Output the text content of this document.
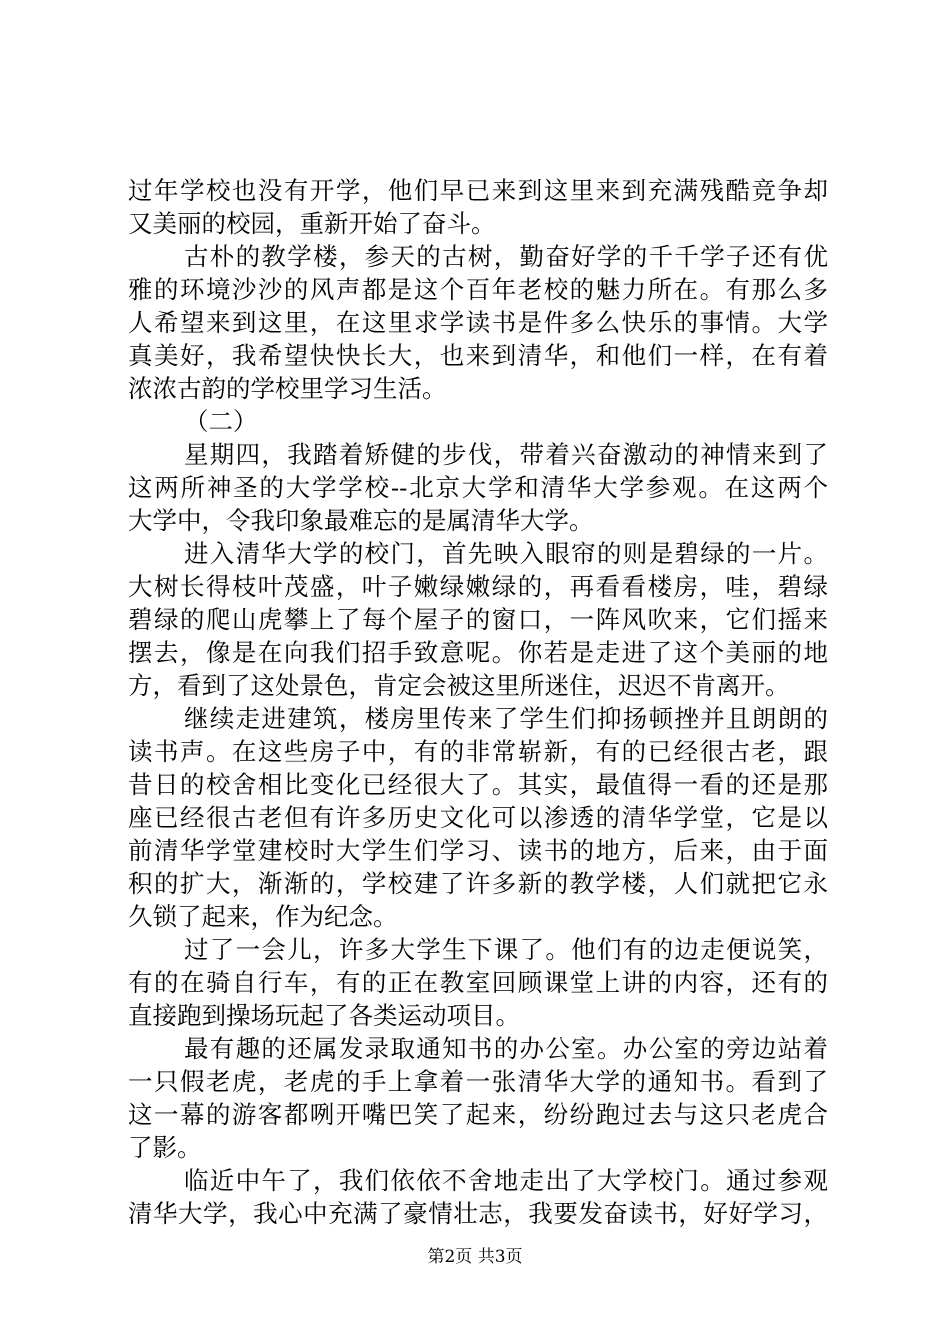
过年学校也没有开学，他们早已来到这里来到充满残酷竞争却
又美丽的校园，重新开始了奋斗。
古朴的教学楼，参天的古树，勤奋好学的千千学子还有优
雅的环境沙沙的风声都是这个百年老校的魅力所在。有那么多
人希望来到这里，在这里求学读书是件多么快乐的事情。大学
真美好，我希望快快长大，也来到清华，和他们一样，在有着
浓浓古韵的学校里学习生活。
（二）
星期四，我踏着矫健的步伐，带着兴奋激动的神情来到了
这两所神圣的大学学校--北京大学和清华大学参观。在这两个
大学中，令我印象最难忘的是属清华大学。
进入清华大学的校门，首先映入眼帘的则是碧绿的一片。
大树长得枝叶茂盛，叶子嫩绿嫩绿的，再看看楼房，哇，碧绿
碧绿的爬山虎攀上了每个屋子的窗口，一阵风吹来，它们摇来
摆去，像是在向我们招手致意呢。你若是走进了这个美丽的地
方，看到了这处景色，肯定会被这里所迷住，迟迟不肯离开。
继续走进建筑，楼房里传来了学生们抑扬顿挫并且朗朗的
读书声。在这些房子中，有的非常崭新，有的已经很古老，跟
昔日的校舍相比变化已经很大了。其实，最值得一看的还是那
座已经很古老但有许多历史文化可以渗透的清华学堂，它是以
前清华学堂建校时大学生们学习、读书的地方，后来，由于面
积的扩大，渐渐的，学校建了许多新的教学楼，人们就把它永
久锁了起来，作为纪念。
过了一会儿，许多大学生下课了。他们有的边走便说笑，
有的在骑自行车，有的正在教室回顾课堂上讲的内容，还有的
直接跑到操场玩起了各类运动项目。
最有趣的还属发录取通知书的办公室。办公室的旁边站着
一只假老虎，老虎的手上拿着一张清华大学的通知书。看到了
这一幕的游客都咧开嘴巴笑了起来，纷纷跑过去与这只老虎合
了影。
临近中午了，我们依依不舍地走出了大学校门。通过参观
清华大学，我心中充满了豪情壮志，我要发奋读书，好好学习，
第2页 共3页
